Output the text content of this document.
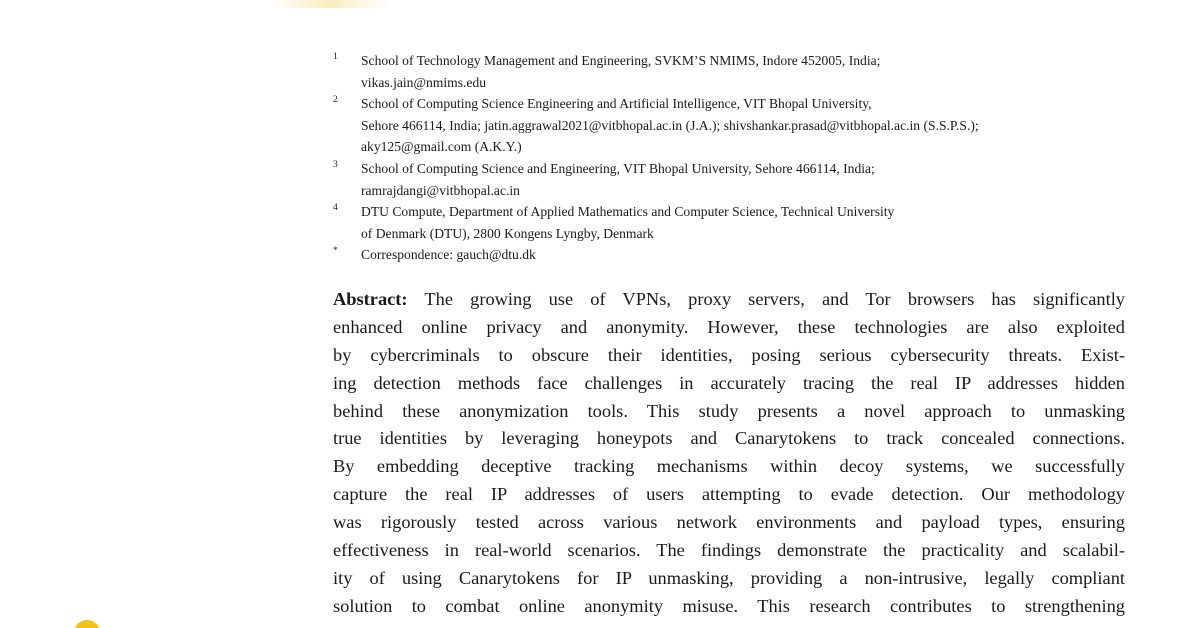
1 School of Technology Management and Engineering, SVKM’S NMIMS, Indore 452005, India;
vikas.jain@nmims.edu
2 School of Computing Science Engineering and Artificial Intelligence, VIT Bhopal University,
Sehore 466114, India; jatin.aggrawal2021@vitbhopal.ac.in (J.A.); shivshankar.prasad@vitbhopal.ac.in (S.S.P.S.);
aky125@gmail.com (A.K.Y.)
3 School of Computing Science and Engineering, VIT Bhopal University, Sehore 466114, India;
ramrajdangi@vitbhopal.ac.in
4 DTU Compute, Department of Applied Mathematics and Computer Science, Technical University
of Denmark (DTU), 2800 Kongens Lyngby, Denmark
* Correspondence: gauch@dtu.dk
Abstract: The growing use of VPNs, proxy servers, and Tor browsers has significantly
enhanced online privacy and anonymity. However, these technologies are also exploited
by cybercriminals to obscure their identities, posing serious cybersecurity threats. Exist-
ing detection methods face challenges in accurately tracing the real IP addresses hidden
behind these anonymization tools. This study presents a novel approach to unmasking
true identities by leveraging honeypots and Canarytokens to track concealed connections.
By embedding deceptive tracking mechanisms within decoy systems, we successfully
capture the real IP addresses of users attempting to evade detection. Our methodology
was rigorously tested across various network environments and payload types, ensuring
effectiveness in real-world scenarios. The findings demonstrate the practicality and scalabil-
ity of using Canarytokens for IP unmasking, providing a non-intrusive, legally compliant
solution to combat online anonymity misuse. This research contributes to strengthening
